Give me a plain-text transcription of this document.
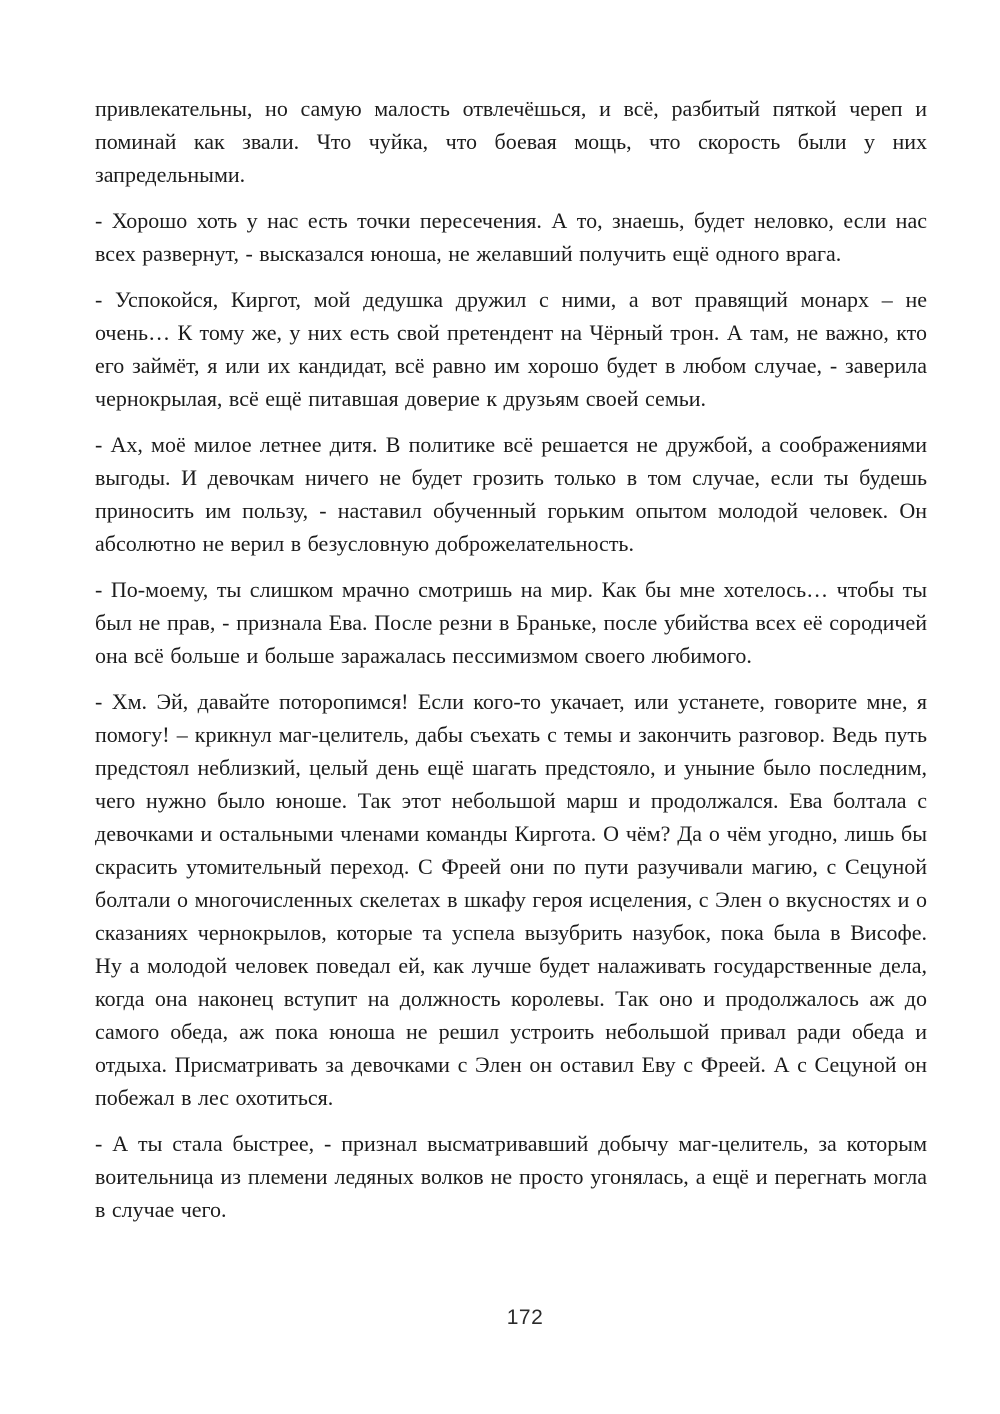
привлекательны, но самую малость отвлечёшься, и всё, разбитый пяткой череп и поминай как звали. Что чуйка, что боевая мощь, что скорость были у них запредельными.

- Хорошо хоть у нас есть точки пересечения. А то, знаешь, будет неловко, если нас всех развернут, - высказался юноша, не желавший получить ещё одного врага.

- Успокойся, Киргот, мой дедушка дружил с ними, а вот правящий монарх – не очень… К тому же, у них есть свой претендент на Чёрный трон. А там, не важно, кто его займёт, я или их кандидат, всё равно им хорошо будет в любом случае, - заверила чернокрылая, всё ещё питавшая доверие к друзьям своей семьи.

- Ах, моё милое летнее дитя. В политике всё решается не дружбой, а соображениями выгоды. И девочкам ничего не будет грозить только в том случае, если ты будешь приносить им пользу, - наставил обученный горьким опытом молодой человек. Он абсолютно не верил в безусловную доброжелательность.

- По-моему, ты слишком мрачно смотришь на мир. Как бы мне хотелось… чтобы ты был не прав, - признала Ева. После резни в Браньке, после убийства всех её сородичей она всё больше и больше заражалась пессимизмом своего любимого.

- Хм. Эй, давайте поторопимся! Если кого-то укачает, или устанете, говорите мне, я помогу! – крикнул маг-целитель, дабы съехать с темы и закончить разговор. Ведь путь предстоял неблизкий, целый день ещё шагать предстояло, и уныние было последним, чего нужно было юноше. Так этот небольшой марш и продолжался. Ева болтала с девочками и остальными членами команды Киргота. О чём? Да о чём угодно, лишь бы скрасить утомительный переход. С Фреей они по пути разучивали магию, с Сецуной болтали о многочисленных скелетах в шкафу героя исцеления, с Элен о вкусностях и о сказаниях чернокрылов, которые та успела вызубрить назубок, пока была в Висофе. Ну а молодой человек поведал ей, как лучше будет налаживать государственные дела, когда она наконец вступит на должность королевы. Так оно и продолжалось аж до самого обеда, аж пока юноша не решил устроить небольшой привал ради обеда и отдыха. Присматривать за девочками с Элен он оставил Еву с Фреей. А с Сецуной он побежал в лес охотиться.

- А ты стала быстрее, - признал высматривавший добычу маг-целитель, за которым воительница из племени ледяных волков не просто угонялась, а ещё и перегнать могла в случае чего.

172
